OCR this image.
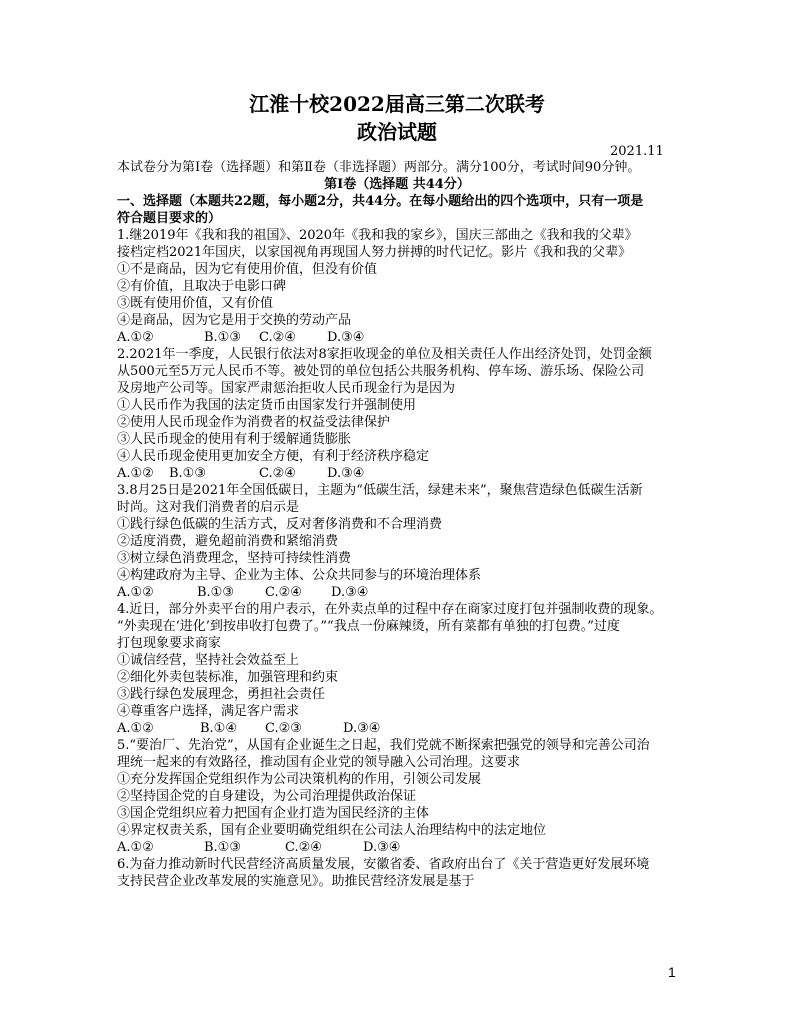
江淮十校2022届高三第二次联考
政治试题
2021.11
本试卷分为第Ⅰ卷（选择题）和第Ⅱ卷（非选择题）两部分。满分100分，考试时间90分钟。
第Ⅰ卷（选择题 共44分）
一、选择题（本题共22题，每小题2分，共44分。在每小题给出的四个选项中，只有一项是
符合题目要求的）
1.继2019年《我和我的祖国》、2020年《我和我的家乡》，国庆三部曲之《我和我的父辈》
接档定档2021年国庆，以家国视角再现国人努力拼搏的时代记忆。影片《我和我的父辈》
①不是商品，因为它有使用价值，但没有价值
②有价值，且取决于电影口碑
③既有使用价值，又有价值
④是商品，因为它是用于交换的劳动产品
A.①②	B.①③ C.②④ D.③④
2.2021年一季度，人民银行依法对8家拒收现金的单位及相关责任人作出经济处罚，处罚金额
从500元至5万元人民币不等。被处罚的单位包括公共服务机构、停车场、游乐场、保险公司
及房地产公司等。国家严肃惩治拒收人民币现金行为是因为
①人民币作为我国的法定货币由国家发行并强制使用
②使用人民币现金作为消费者的权益受法律保护
③人民币现金的使用有利于缓解通货膨胀
④人民币现金使用更加安全方便，有利于经济秩序稳定
A.①② B.①③	C.②④ D.③④
3.8月25日是2021年全国低碳日，主题为“低碳生活，绿建未来”，聚焦营造绿色低碳生活新
时尚。这对我们消费者的启示是
①践行绿色低碳的生活方式，反对奢侈消费和不合理消费
②适度消费，避免超前消费和紧缩消费
③树立绿色消费理念，坚持可持续性消费
④构建政府为主导、企业为主体、公众共同参与的环境治理体系
A.①②	B.①③ C.②④ D.③④
4.近日，部分外卖平台的用户表示，在外卖点单的过程中存在商家过度打包并强制收费的现象。
“外卖现在‘进化’到按串收打包费了。”“我点一份麻辣烫，所有菜都有单独的打包费。”过度
打包现象要求商家
①诚信经营，坚持社会效益至上
②细化外卖包装标准，加强管理和约束
③践行绿色发展理念，勇担社会责任
④尊重客户选择，满足客户需求
A.①②	B.①④ C.②③	D.③④
5.“要治厂、先治党”，从国有企业诞生之日起，我们党就不断探索把强党的领导和完善公司治
理统一起来的有效路径，推动国有企业党的领导融入公司治理。这要求
①充分发挥国企党组织作为公司决策机构的作用，引领公司发展
②坚持国企党的自身建设，为公司治理提供政治保证
③国企党组织应着力把国有企业打造为国民经济的主体
④界定权责关系，国有企业要明确党组织在公司法人治理结构中的法定地位
A.①②	B.①③	C.②④	D.③④
6.为奋力推动新时代民营经济高质量发展，安徽省委、省政府出台了《关于营造更好发展环境
支持民营企业改革发展的实施意见》。助推民营经济发展是基于
1
